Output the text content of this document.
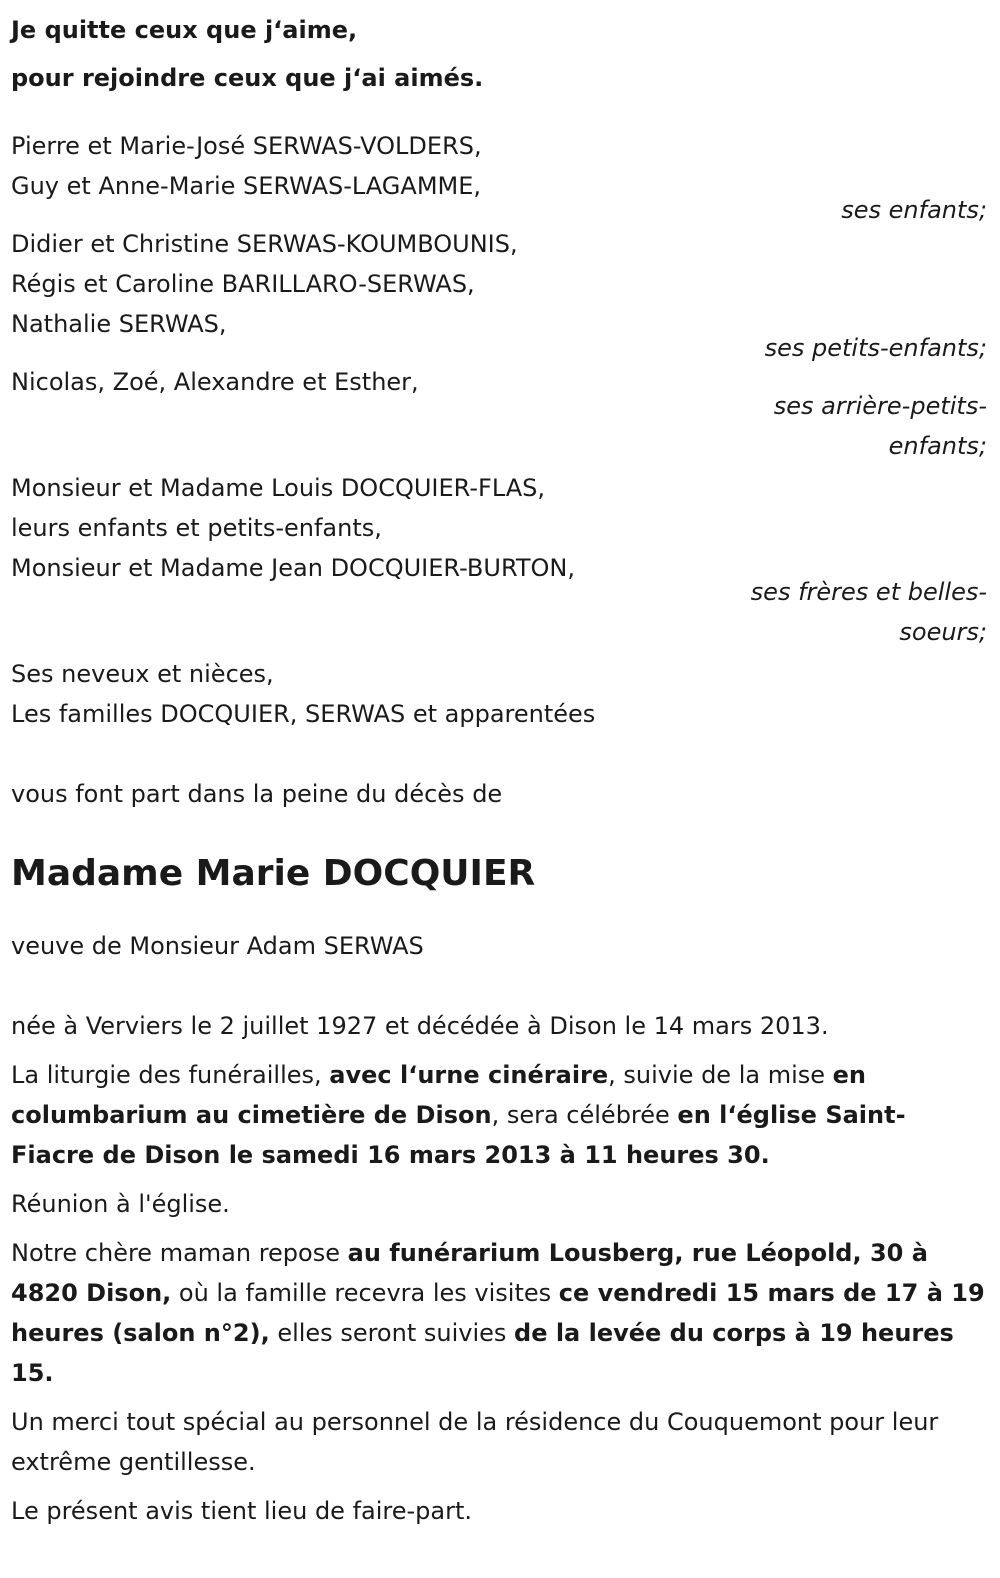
Je quitte ceux que j‘aime,
pour rejoindre ceux que j‘ai aimés.
Pierre et Marie-José SERWAS-VOLDERS,
Guy et Anne-Marie SERWAS-LAGAMME,
ses enfants;
Didier et Christine SERWAS-KOUMBOUNIS,
Régis et Caroline BARILLARO-SERWAS,
Nathalie SERWAS,
ses petits-enfants;
Nicolas, Zoé, Alexandre et Esther,
ses arrière-petits-
enfants;
Monsieur et Madame Louis DOCQUIER-FLAS,
leurs enfants et petits-enfants,
Monsieur et Madame Jean DOCQUIER-BURTON,
ses frères et belles-
soeurs;
Ses neveux et nièces,
Les familles DOCQUIER, SERWAS et apparentées
vous font part dans la peine du décès de
Madame Marie DOCQUIER
veuve de Monsieur Adam SERWAS

née à Verviers le 2 juillet 1927 et décédée à Dison le 14 mars 2013.

La liturgie des funérailles, avec l‘urne cinéraire, suivie de la mise en columbarium au cimetière de Dison, sera célébrée en l‘église Saint-Fiacre de Dison le samedi 16 mars 2013 à 11 heures 30.

Réunion à l'église.

Notre chère maman repose au funérarium Lousberg, rue Léopold, 30 à 4820 Dison, où la famille recevra les visites ce vendredi 15 mars de 17 à 19 heures (salon n°2), elles seront suivies de la levée du corps à 19 heures 15.

Un merci tout spécial au personnel de la résidence du Couquemont pour leur extrême gentillesse.

Le présent avis tient lieu de faire-part.
